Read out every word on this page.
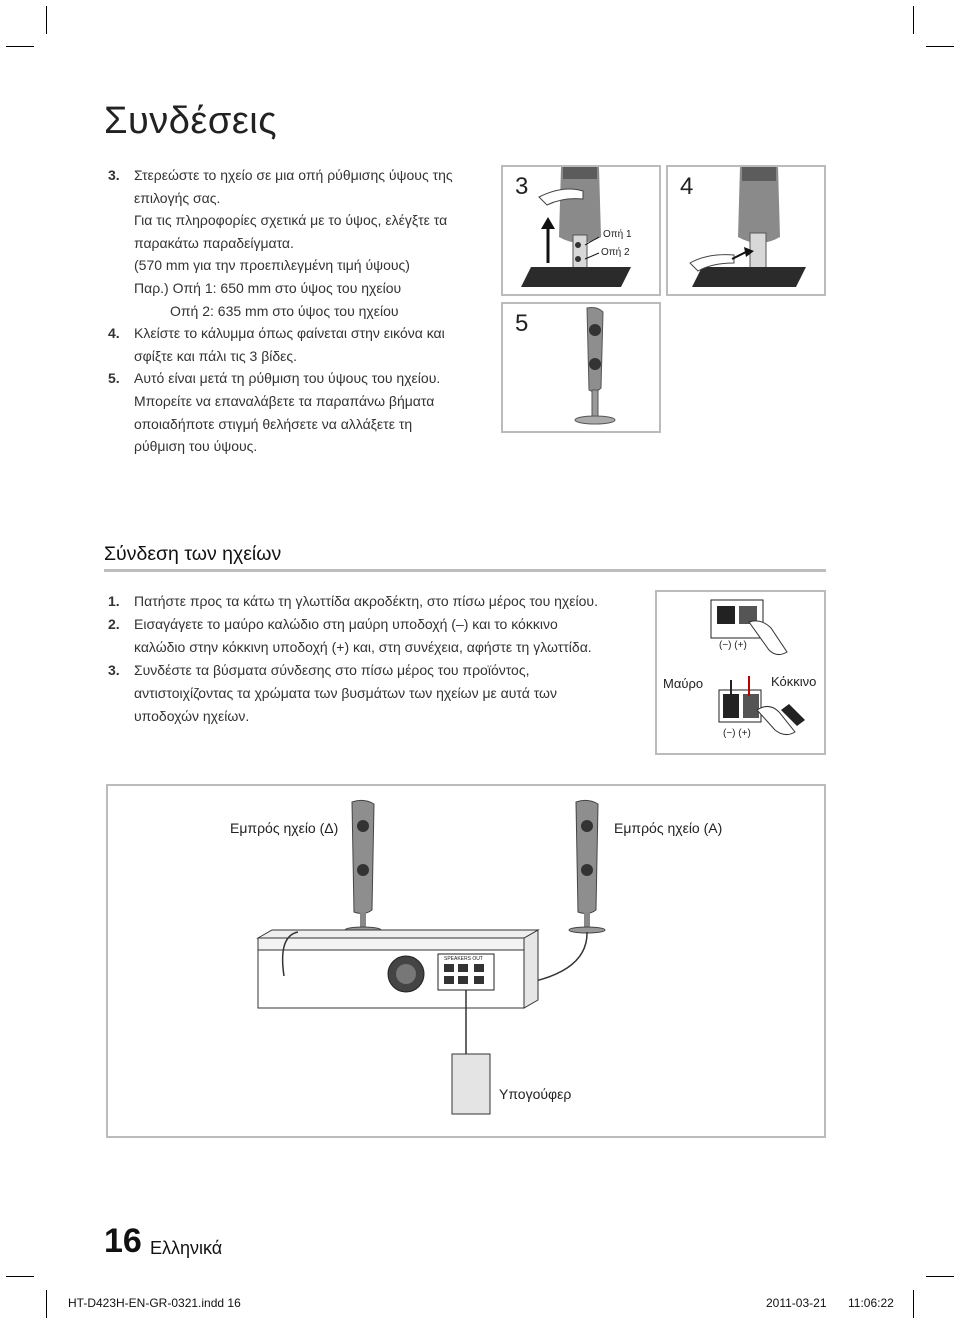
Συνδέσεις
3. Στερεώστε το ηχείο σε μια οπή ρύθμισης ύψους της
επιλογής σας.
Για τις πληροφορίες σχετικά με το ύψος, ελέγξτε τα
παρακάτω παραδείγματα.
(570 mm για την προεπιλεγμένη τιμή ύψους)
Παρ.) Οπή 1: 650 mm στο ύψος του ηχείου
Οπή 2: 635 mm στο ύψος του ηχείου
4. Κλείστε το κάλυμμα όπως φαίνεται στην εικόνα και
σφίξτε και πάλι τις 3 βίδες.
5. Αυτό είναι μετά τη ρύθμιση του ύψους του ηχείου.
Μπορείτε να επαναλάβετε τα παραπάνω βήματα
οποιαδήποτε στιγμή θελήσετε να αλλάξετε τη
ρύθμιση του ύψους.
3
Οπή 1
Οπή 2
4
5
Σύνδεση των ηχείων
1. Πατήστε προς τα κάτω τη γλωττίδα ακροδέκτη, στο πίσω μέρος του ηχείου.
2. Εισαγάγετε το μαύρο καλώδιο στη μαύρη υποδοχή (–) και το κόκκινο
καλώδιο στην κόκκινη υποδοχή (+) και, στη συνέχεια, αφήστε τη γλωττίδα.
3. Συνδέστε τα βύσματα σύνδεσης στο πίσω μέρος του προϊόντος,
αντιστοιχίζοντας τα χρώματα των βυσμάτων των ηχείων με αυτά των
υποδοχών ηχείων.
(−) (+)
Μαύρο	Κόκκινο
(−) (+)
Εμπρός ηχείο (Δ)	Εμπρός ηχείο (Α)
SPEAKERS OUT
Υπογούφερ
16 Ελληνικά
HT-D423H-EN-GR-0321.indd 16	2011-03-21 11:06:22
